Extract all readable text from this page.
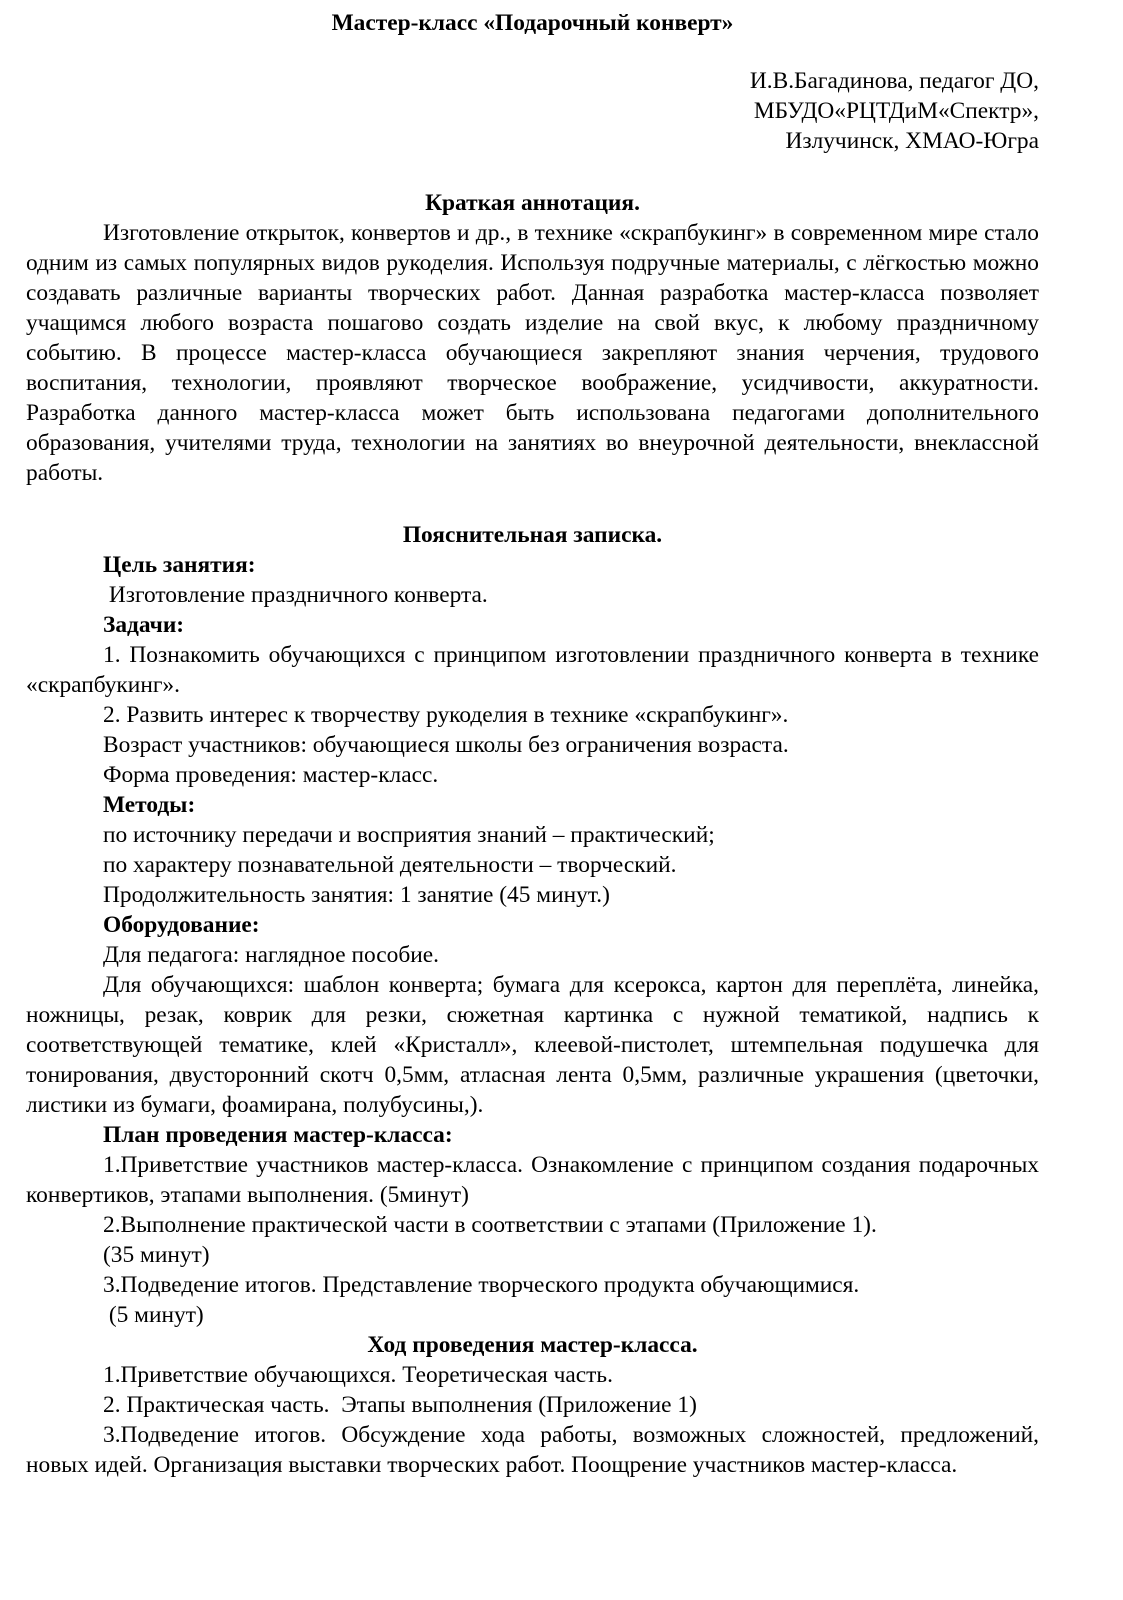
Мастер-класс «Подарочный конверт»

И.В.Багадинова, педагог ДО,

МБУДО«РЦТДиМ«Спектр»,

Излучинск, ХМАО-Югра

Краткая аннотация.

Изготовление открыток, конвертов и др., в технике «скрапбукинг» в современном мире стало одним из самых популярных видов рукоделия. Используя подручные материалы, с лёгкостью можно создавать различные варианты творческих работ. Данная разработка мастер-класса позволяет учащимся любого возраста пошагово создать изделие на свой вкус, к любому праздничному событию. В процессе мастер-класса обучающиеся закрепляют знания черчения, трудового воспитания, технологии, проявляют творческое воображение, усидчивости, аккуратности. Разработка данного мастер-класса может быть использована педагогами дополнительного образования, учителями труда, технологии на занятиях во внеурочной деятельности, внеклассной работы.

Пояснительная записка.

Цель занятия:

Изготовление праздничного конверта.

Задачи:

1. Познакомить обучающихся с принципом изготовлении праздничного конверта в технике «скрапбукинг».

2. Развить интерес к творчеству рукоделия в технике «скрапбукинг».

Возраст участников: обучающиеся школы без ограничения возраста.

Форма проведения: мастер-класс.

Методы:

по источнику передачи и восприятия знаний – практический;

по характеру познавательной деятельности – творческий.

Продолжительность занятия: 1 занятие (45 минут.)

Оборудование:

Для педагога: наглядное пособие.

Для обучающихся: шаблон конверта; бумага для ксерокса, картон для переплёта, линейка, ножницы, резак, коврик для резки, сюжетная картинка с нужной тематикой, надпись к соответствующей тематике, клей «Кристалл», клеевой-пистолет, штемпельная подушечка для тонирования, двусторонний скотч 0,5мм, атласная лента 0,5мм, различные украшения (цветочки, листики из бумаги, фоамирана, полубусины,).

План проведения мастер-класса:

1.Приветствие участников мастер-класса. Ознакомление с принципом создания подарочных конвертиков, этапами выполнения. (5минут)

2.Выполнение практической части в соответствии с этапами (Приложение 1).

(35 минут)

3.Подведение итогов. Представление творческого продукта обучающимися.

(5 минут)

Ход проведения мастер-класса.

1.Приветствие обучающихся. Теоретическая часть.

2. Практическая часть.  Этапы выполнения (Приложение 1)

3.Подведение итогов. Обсуждение хода работы, возможных сложностей, предложений, новых идей. Организация выставки творческих работ. Поощрение участников мастер-класса.
